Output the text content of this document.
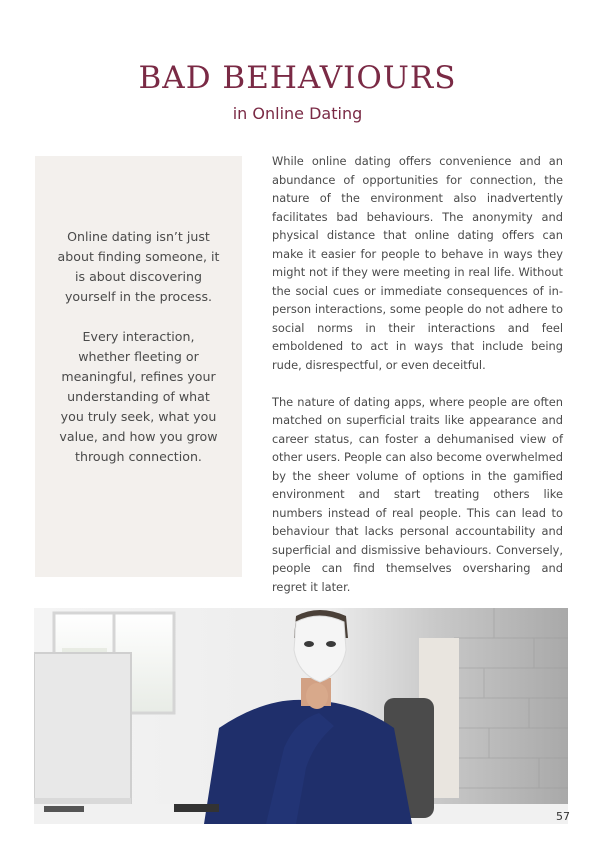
BAD BEHAVIOURS
in Online Dating

Online dating isn’t just about finding someone, it is about discovering yourself in the process.

Every interaction, whether fleeting or meaningful, refines your understanding of what you truly seek, what you value, and how you grow through connection.

While online dating offers convenience and an abundance of opportunities for connection, the nature of the environment also inadvertently facilitates bad behaviours. The anonymity and physical distance that online dating offers can make it easier for people to behave in ways they might not if they were meeting in real life. Without the social cues or immediate consequences of in-person interactions, some people do not adhere to social norms in their interactions and feel emboldened to act in ways that include being rude, disrespectful, or even deceitful.

The nature of dating apps, where people are often matched on superficial traits like appearance and career status, can foster a dehumanised view of other users. People can also become overwhelmed by the sheer volume of options in the gamified environment and start treating others like numbers instead of real people. This can lead to behaviour that lacks personal accountability and superficial and dismissive behaviours. Conversely, people can find themselves oversharing and regret it later.

57
